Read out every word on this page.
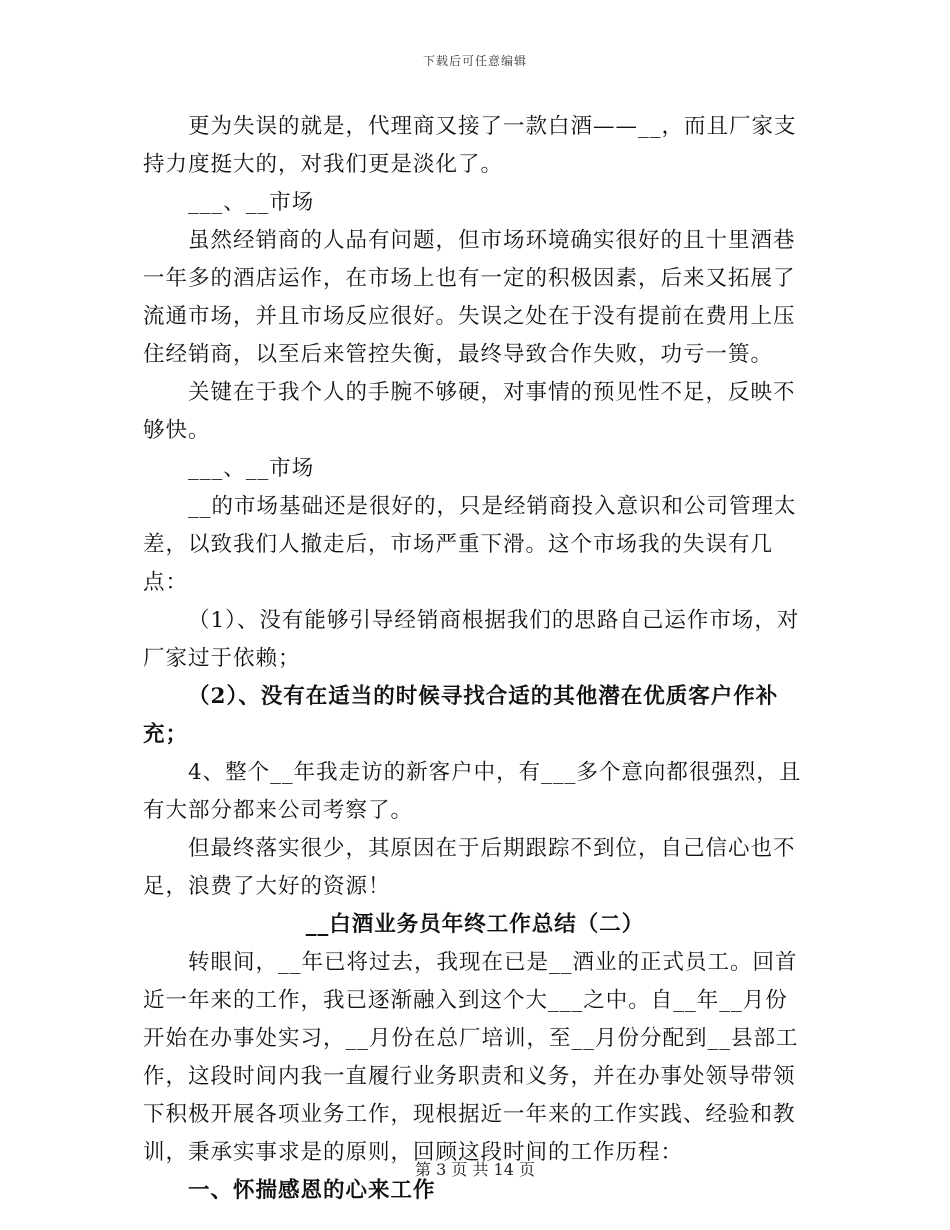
下载后可任意编辑

更为失误的就是，代理商又接了一款白酒——__，而且厂家支持力度挺大的，对我们更是淡化了。

___、__市场

虽然经销商的人品有问题，但市场环境确实很好的且十里酒巷一年多的酒店运作，在市场上也有一定的积极因素，后来又拓展了流通市场，并且市场反应很好。失误之处在于没有提前在费用上压住经销商，以至后来管控失衡，最终导致合作失败，功亏一篑。

关键在于我个人的手腕不够硬，对事情的预见性不足，反映不够快。

___、__市场

__的市场基础还是很好的，只是经销商投入意识和公司管理太差，以致我们人撤走后，市场严重下滑。这个市场我的失误有几点：

（1）、没有能够引导经销商根据我们的思路自己运作市场，对厂家过于依赖；

（2）、没有在适当的时候寻找合适的其他潜在优质客户作补充；

4、整个__年我走访的新客户中，有___多个意向都很强烈，且有大部分都来公司考察了。

但最终落实很少，其原因在于后期跟踪不到位，自己信心也不足，浪费了大好的资源！

__白酒业务员年终工作总结（二）

转眼间，__年已将过去，我现在已是__酒业的正式员工。回首近一年来的工作，我已逐渐融入到这个大___之中。自__年__月份开始在办事处实习，__月份在总厂培训，至__月份分配到__县部工作，这段时间内我一直履行业务职责和义务，并在办事处领导带领下积极开展各项业务工作，现根据近一年来的工作实践、经验和教训，秉承实事求是的原则，回顾这段时间的工作历程：

一、怀揣感恩的心来工作

第 3 页 共 14 页
